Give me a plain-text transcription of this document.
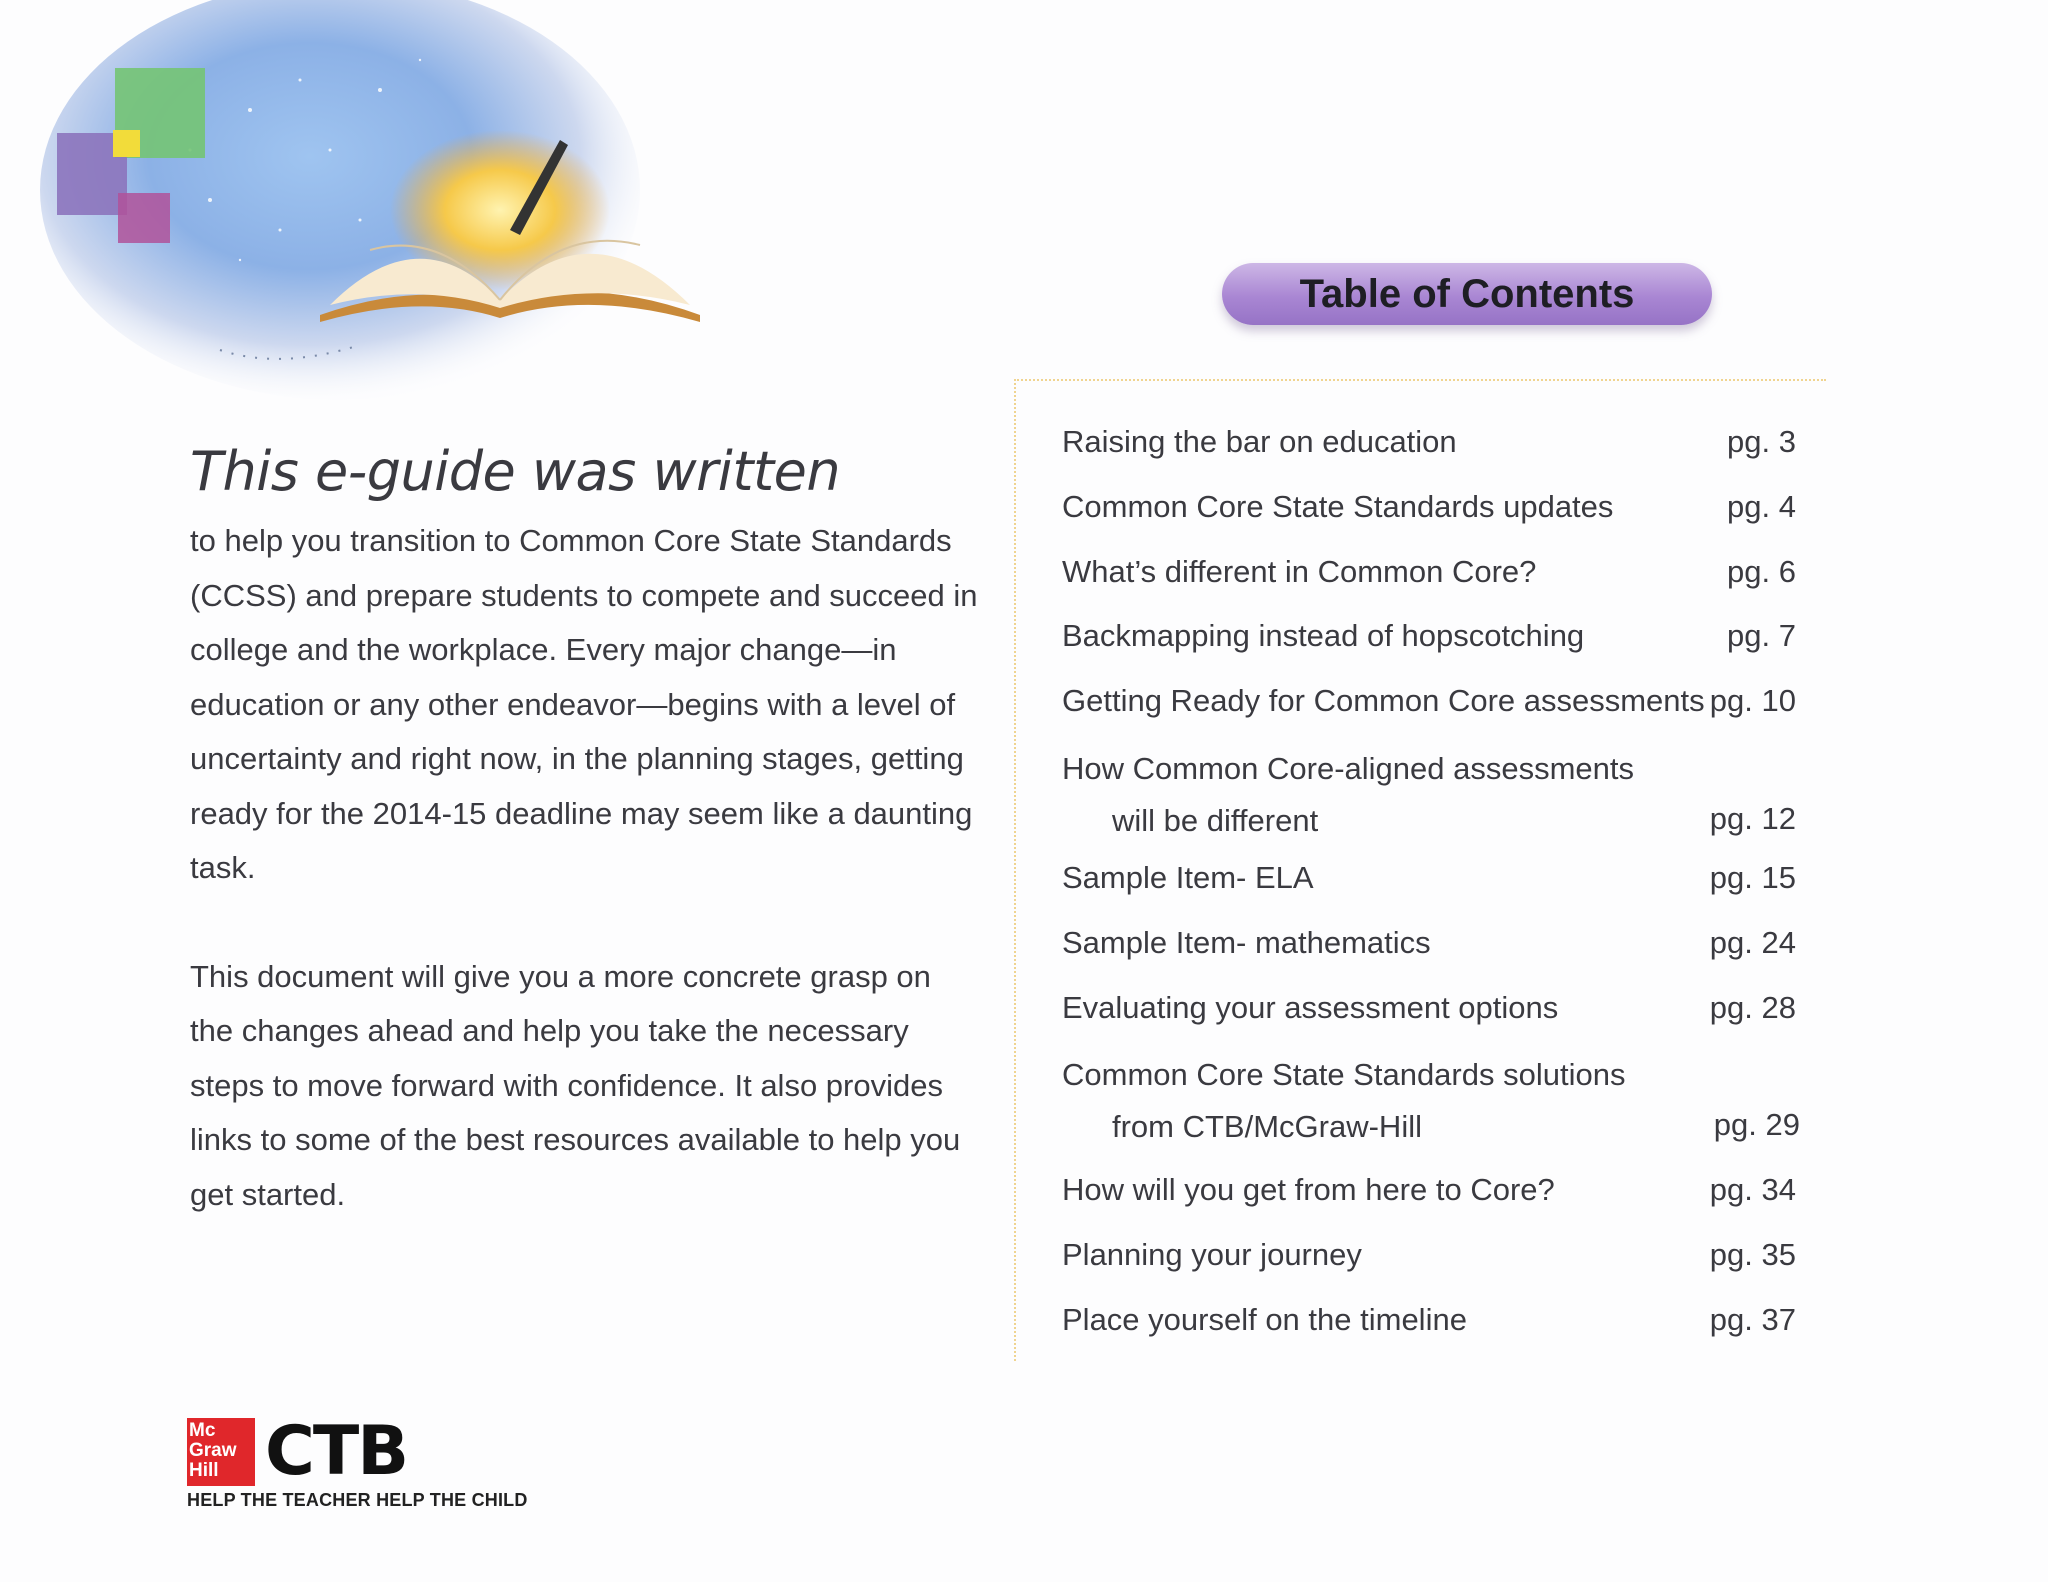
This e-guide was written

to help you transition to Common Core State Standards (CCSS) and prepare students to compete and succeed in college and the workplace. Every major change—in education or any other endeavor—begins with a level of uncertainty and right now, in the planning stages, getting ready for the 2014-15 deadline may seem like a daunting task.

This document will give you a more concrete grasp on the changes ahead and help you take the necessary steps to move forward with confidence. It also provides links to some of the best resources available to help you get started.

Table of Contents
Raising the bar on education	pg. 3
Common Core State Standards updates	pg. 4
What’s different in Common Core?	pg. 6
Backmapping instead of hopscotching	pg. 7
Getting Ready for Common Core assessments pg. 10
How Common Core-aligned assessments
will be different	pg. 12
Sample Item- ELA	pg. 15
Sample Item- mathematics	pg. 24
Evaluating your assessment options	pg. 28
Common Core State Standards solutions
from CTB/McGraw-Hill	pg. 29
How will you get from here to Core?	pg. 34
Planning your journey	pg. 35
Place yourself on the timeline	pg. 37
Mc
Graw
Hill CTB
HELP THE TEACHER HELP THE CHILD
